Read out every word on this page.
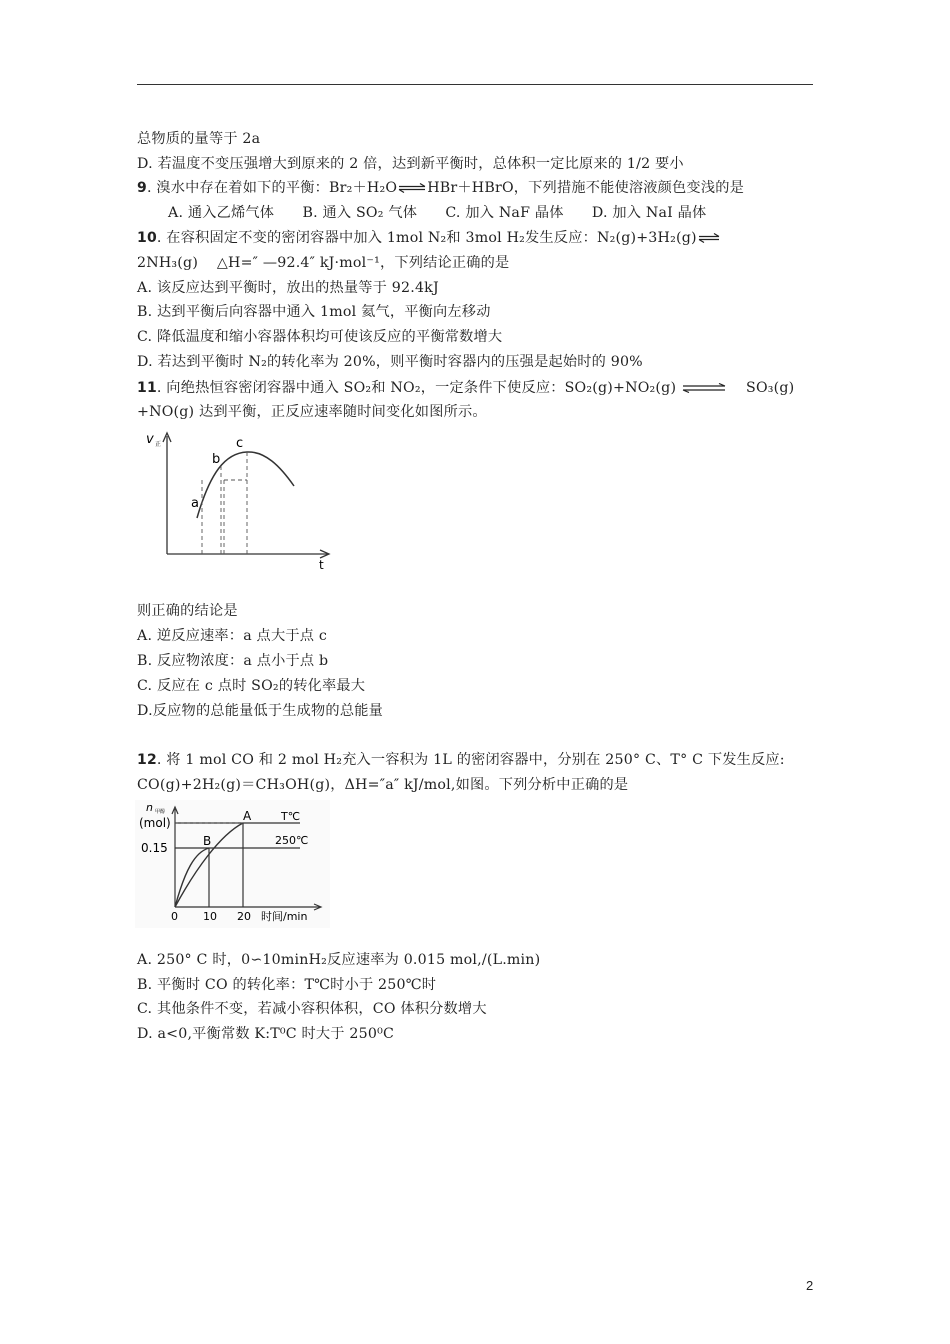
总物质的量等于 2a
D. 若温度不变压强增大到原来的 2 倍，达到新平衡时，总体积一定比原来的 1/2 要小
9. 溴水中存在着如下的平衡：Br₂＋H₂O⇌HBr＋HBrO，下列措施不能使溶液颜色变浅的是
A. 通入乙烯气体      B. 通入 SO₂ 气体      C. 加入 NaF 晶体      D. 加入 NaI 晶体
10. 在容积固定不变的密闭容器中加入 1mol N₂和 3mol H₂发生反应：N₂(g)+3H₂(g)⇌
2NH₃(g)    △H=″ —92.4″ kJ·mol⁻¹，下列结论正确的是
A. 该反应达到平衡时，放出的热量等于 92.4kJ
B. 达到平衡后向容器中通入 1mol 氦气，平衡向左移动
C. 降低温度和缩小容器体积均可使该反应的平衡常数增大
D. 若达到平衡时 N₂的转化率为 20%，则平衡时容器内的压强是起始时的 90%
11. 向绝热恒容密闭容器中通入 SO₂和 NO₂，一定条件下使反应：SO₂(g)+NO₂(g) ⇌ SO₃(g)
+NO(g) 达到平衡，正反应速率随时间变化如图所示。
v 正
t
a
b
c
则正确的结论是
A. 逆反应速率：a 点大于点 c
B. 反应物浓度：a 点小于点 b
C. 反应在 c 点时 SO₂的转化率最大
D.反应物的总能量低于生成物的总能量
12. 将 1 mol CO 和 2 mol H₂充入一容积为 1L 的密闭容器中，分别在 250° C、T° C 下发生反应:
CO(g)+2H₂(g)＝CH₃OH(g)，ΔH=″a″ kJ/mol,如图。下列分析中正确的是
n 甲醇
(mol)
0.15
A
B
T℃
250℃
0 10 20 时间/min
A. 250° C 时，0∽10minH₂反应速率为 0.015 mol,/(L.min)
B. 平衡时 CO 的转化率：T℃时小于 250℃时
C. 其他条件不变，若减小容积体积，CO 体积分数增大
D. a<0,平衡常数 K:T⁰C 时大于 250⁰C
2
